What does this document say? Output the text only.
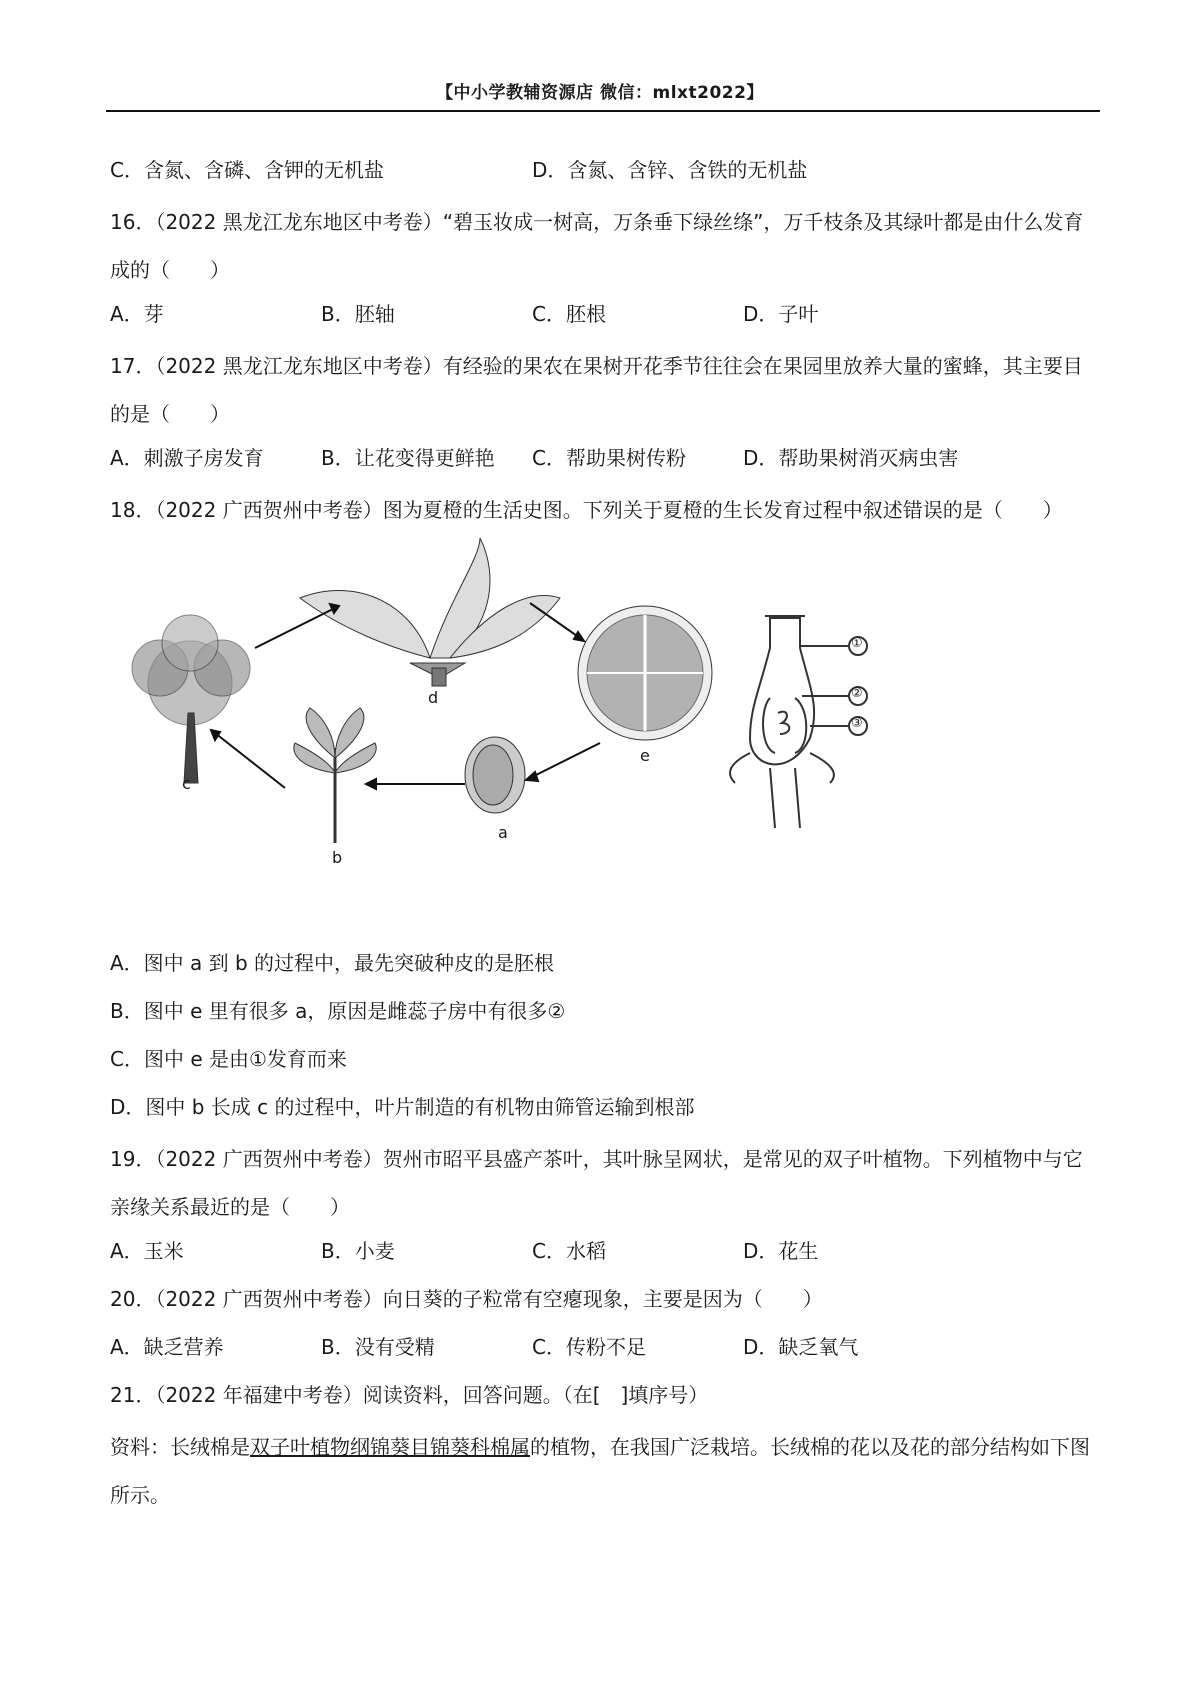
【中小学教辅资源店 微信：mlxt2022】
C．含氮、含磷、含钾的无机盐	D．含氮、含锌、含铁的无机盐
16．（2022 黑龙江龙东地区中考卷）“碧玉妆成一树高，万条垂下绿丝绦”，万千枝条及其绿叶都是由什么发育成的（　　）
A．芽	B．胚轴	C．胚根	D．子叶
17．（2022 黑龙江龙东地区中考卷）有经验的果农在果树开花季节往往会在果园里放养大量的蜜蜂，其主要目的是（　　）
A．刺激子房发育	B．让花变得更鲜艳	C．帮助果树传粉	D．帮助果树消灭病虫害
18．（2022 广西贺州中考卷）图为夏橙的生活史图。下列关于夏橙的生长发育过程中叙述错误的是（　　）
c
d
e
a
b
①
②
③
A．图中 a 到 b 的过程中，最先突破种皮的是胚根
B．图中 e 里有很多 a，原因是雌蕊子房中有很多②
C．图中 e 是由①发育而来
D．图中 b 长成 c 的过程中，叶片制造的有机物由筛管运输到根部
19．（2022 广西贺州中考卷）贺州市昭平县盛产茶叶，其叶脉呈网状，是常见的双子叶植物。下列植物中与它亲缘关系最近的是（　　）
A．玉米	B．小麦	C．水稻	D．花生
20．（2022 广西贺州中考卷）向日葵的子粒常有空瘪现象，主要是因为（　　）
A．缺乏营养	B．没有受精	C．传粉不足	D．缺乏氧气
21．（2022 年福建中考卷）阅读资料，回答问题。（在[　]填序号）
资料：长绒棉是双子叶植物纲锦葵目锦葵科棉属的植物，在我国广泛栽培。长绒棉的花以及花的部分结构如下图所示。
